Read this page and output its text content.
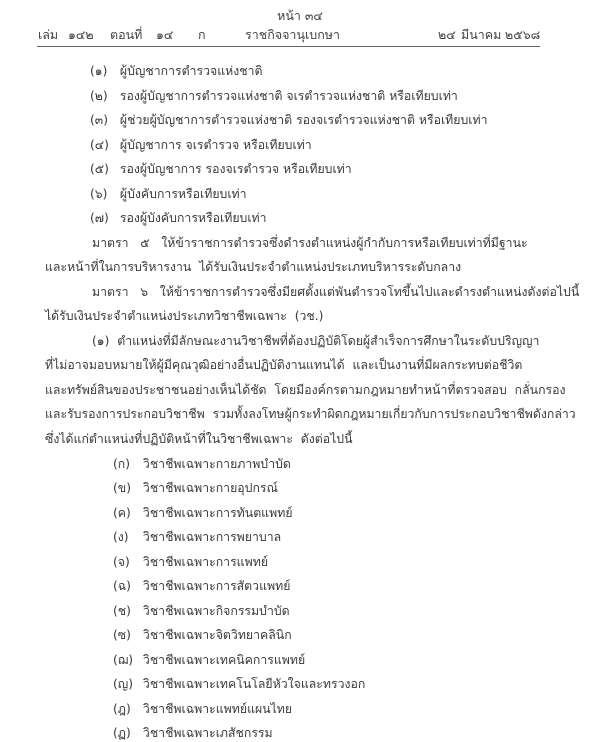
หน้า ๓๔
เล่ม ๑๔๒ ตอนที่ ๑๔ ก	ราชกิจจานุเบกษา	๒๔ มีนาคม ๒๕๖๘
(๑) ผู้บัญชาการตำรวจแห่งชาติ
(๒) รองผู้บัญชาการตำรวจแห่งชาติ จเรตำรวจแห่งชาติ หรือเทียบเท่า
(๓) ผู้ช่วยผู้บัญชาการตำรวจแห่งชาติ รองจเรตำรวจแห่งชาติ หรือเทียบเท่า
(๔) ผู้บัญชาการ จเรตำรวจ หรือเทียบเท่า
(๕) รองผู้บัญชาการ รองจเรตำรวจ หรือเทียบเท่า
(๖) ผู้บังคับการหรือเทียบเท่า
(๗) รองผู้บังคับการหรือเทียบเท่า
มาตรา   ๕   ให้ข้าราชการตำรวจซึ่งดำรงตำแหน่งผู้กำกับการหรือเทียบเท่าที่มีฐานะ
และหน้าที่ในการบริหารงาน  ได้รับเงินประจำตำแหน่งประเภทบริหารระดับกลาง
มาตรา   ๖   ให้ข้าราชการตำรวจซึ่งมียศตั้งแต่พันตำรวจโทขึ้นไปและดำรงตำแหน่งดังต่อไปนี้
ได้รับเงินประจำตำแหน่งประเภทวิชาชีพเฉพาะ  (วช.)
(๑)  ตำแหน่งที่มีลักษณะงานวิชาชีพที่ต้องปฏิบัติโดยผู้สำเร็จการศึกษาในระดับปริญญา
ที่ไม่อาจมอบหมายให้ผู้มีคุณวุฒิอย่างอื่นปฏิบัติงานแทนได้  และเป็นงานที่มีผลกระทบต่อชีวิต
และทรัพย์สินของประชาชนอย่างเห็นได้ชัด  โดยมีองค์กรตามกฎหมายทำหน้าที่ตรวจสอบ  กลั่นกรอง
และรับรองการประกอบวิชาชีพ  รวมทั้งลงโทษผู้กระทำผิดกฎหมายเกี่ยวกับการประกอบวิชาชีพดังกล่าว
ซึ่งได้แก่ตำแหน่งที่ปฏิบัติหน้าที่ในวิชาชีพเฉพาะ  ดังต่อไปนี้
(ก) วิชาชีพเฉพาะกายภาพบำบัด
(ข) วิชาชีพเฉพาะกายอุปกรณ์
(ค) วิชาชีพเฉพาะการทันตแพทย์
(ง) วิชาชีพเฉพาะการพยาบาล
(จ) วิชาชีพเฉพาะการแพทย์
(ฉ) วิชาชีพเฉพาะการสัตวแพทย์
(ช) วิชาชีพเฉพาะกิจกรรมบำบัด
(ซ) วิชาชีพเฉพาะจิตวิทยาคลินิก
(ฌ) วิชาชีพเฉพาะเทคนิคการแพทย์
(ญ) วิชาชีพเฉพาะเทคโนโลยีหัวใจและทรวงอก
(ฎ) วิชาชีพเฉพาะแพทย์แผนไทย
(ฏ) วิชาชีพเฉพาะเภสัชกรรม
